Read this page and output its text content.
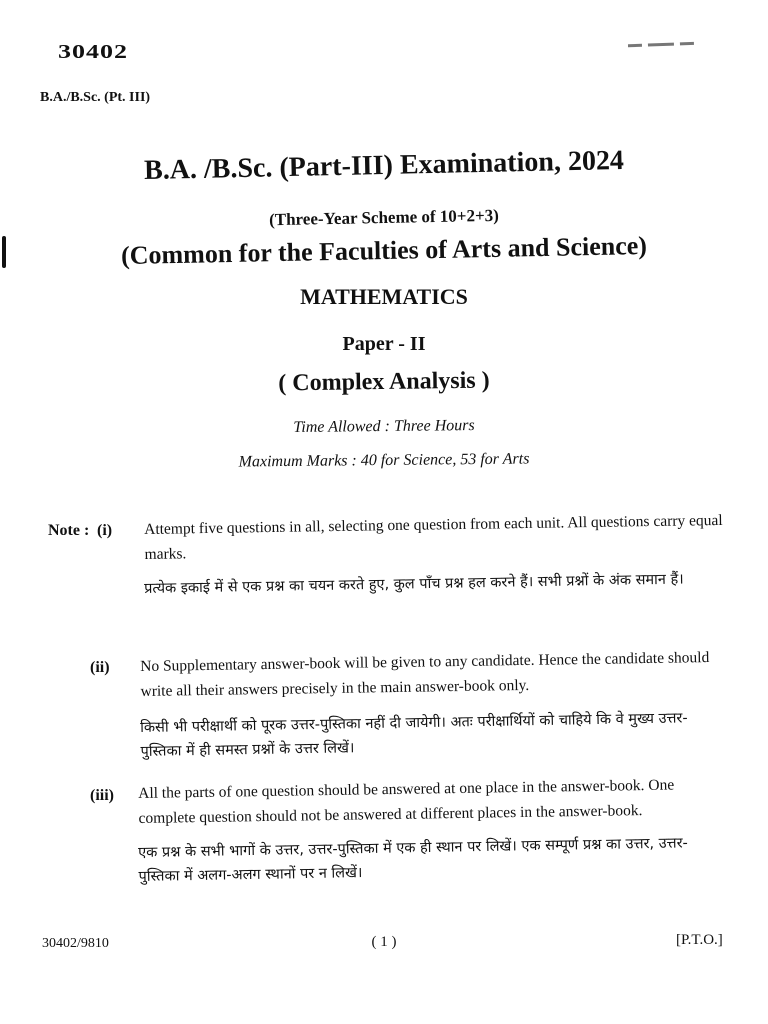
30402
B.A./B.Sc. (Pt. III)
B.A. /B.Sc. (Part-III) Examination, 2024
(Three-Year Scheme of 10+2+3)
(Common for the Faculties of Arts and Science)
MATHEMATICS
Paper - II
( Complex Analysis )
Time Allowed : Three Hours
Maximum Marks : 40 for Science, 53 for Arts
Note : (i) Attempt five questions in all, selecting one question from each unit. All questions carry equal marks.
प्रत्येक इकाई में से एक प्रश्न का चयन करते हुए, कुल पाँच प्रश्न हल करने हैं। सभी प्रश्नों के अंक समान हैं।
(ii) No Supplementary answer-book will be given to any candidate. Hence the candidate should write all their answers precisely in the main answer-book only.
किसी भी परीक्षार्थी को पूरक उत्तर-पुस्तिका नहीं दी जायेगी। अतः परीक्षार्थियों को चाहिये कि वे मुख्य उत्तर-पुस्तिका में ही समस्त प्रश्नों के उत्तर लिखें।
(iii) All the parts of one question should be answered at one place in the answer-book. One complete question should not be answered at different places in the answer-book.
एक प्रश्न के सभी भागों के उत्तर, उत्तर-पुस्तिका में एक ही स्थान पर लिखें। एक सम्पूर्ण प्रश्न का उत्तर, उत्तर-पुस्तिका में अलग-अलग स्थानों पर न लिखें।
30402/9810	( 1 )	[P.T.O.]
